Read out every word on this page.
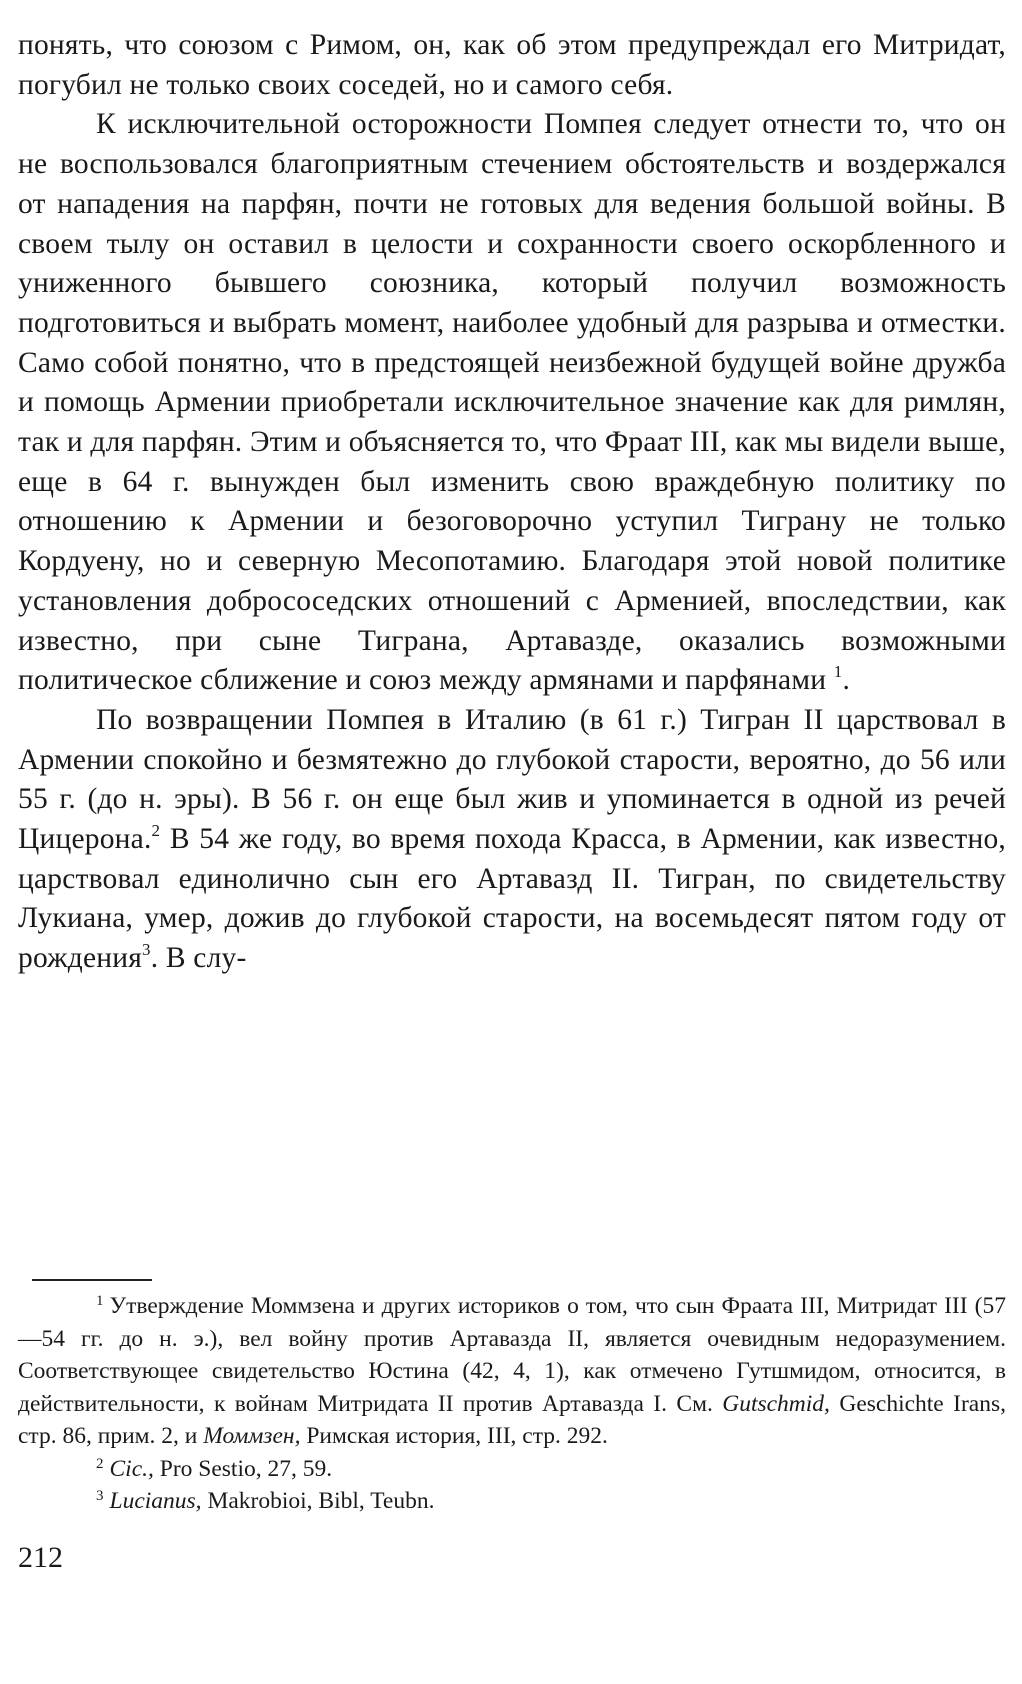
понять, что союзом с Римом, он, как об этом предупреждал его Митридат, погубил не только своих соседей, но и самого себя.

К исключительной осторожности Помпея следует отнести то, что он не воспользовался благоприятным стечением обстоятельств и воздержался от нападения на парфян, почти не готовых для ведения большой войны. В своем тылу он оставил в целости и сохранности своего оскорбленного и униженного бывшего союзника, который получил возможность подготовиться и выбрать момент, наиболее удобный для разрыва и отместки. Само собой понятно, что в предстоящей неизбежной будущей войне дружба и помощь Армении приобретали исключительное значение как для римлян, так и для парфян. Этим и объясняется то, что Фраат III, как мы видели выше, еще в 64 г. вынужден был изменить свою враждебную политику по отношению к Армении и безоговорочно уступил Тиграну не только Кордуену, но и северную Месопотамию. Благодаря этой новой политике установления добрососедских отношений с Арменией, впоследствии, как известно, при сыне Тиграна, Артавазде, оказались возможными политическое сближение и союз между армянами и парфянами $^1$.

По возвращении Помпея в Италию (в 61 г.) Тигран II царствовал в Армении спокойно и безмятежно до глубокой старости, вероятно, до 56 или 55 г. (до н. эры). В 56 г. он еще был жив и упоминается в одной из речей Цицерона.$^2$ В 54 же году, во время похода Красса, в Армении, как известно, царствовал единолично сын его Артавазд II. Тигран, по свидетельству Лукиана, умер, дожив до глубокой старости, на восемьдесят пятом году от рождения$^3$. В слу-

$^1$ Утверждение Моммзена и других историков о том, что сын Фраата III, Митридат III (57—54 гг. до н. э.), вел войну против Артавазда II, является очевидным недоразумением. Соответствующее свидетельство Юстина (42, 4, 1), как отмечено Гутшмидом, относится, в действительности, к войнам Митридата II против Артавазда I. См. Gutschmid, Geschichte Irans, стр. 86, прим. 2, и Моммзен, Римская история, III, стр. 292.

$^2$ Cic., Pro Sestio, 27, 59.

$^3$ Lucianus, Makrobioi, Bibl, Teubn.

212
